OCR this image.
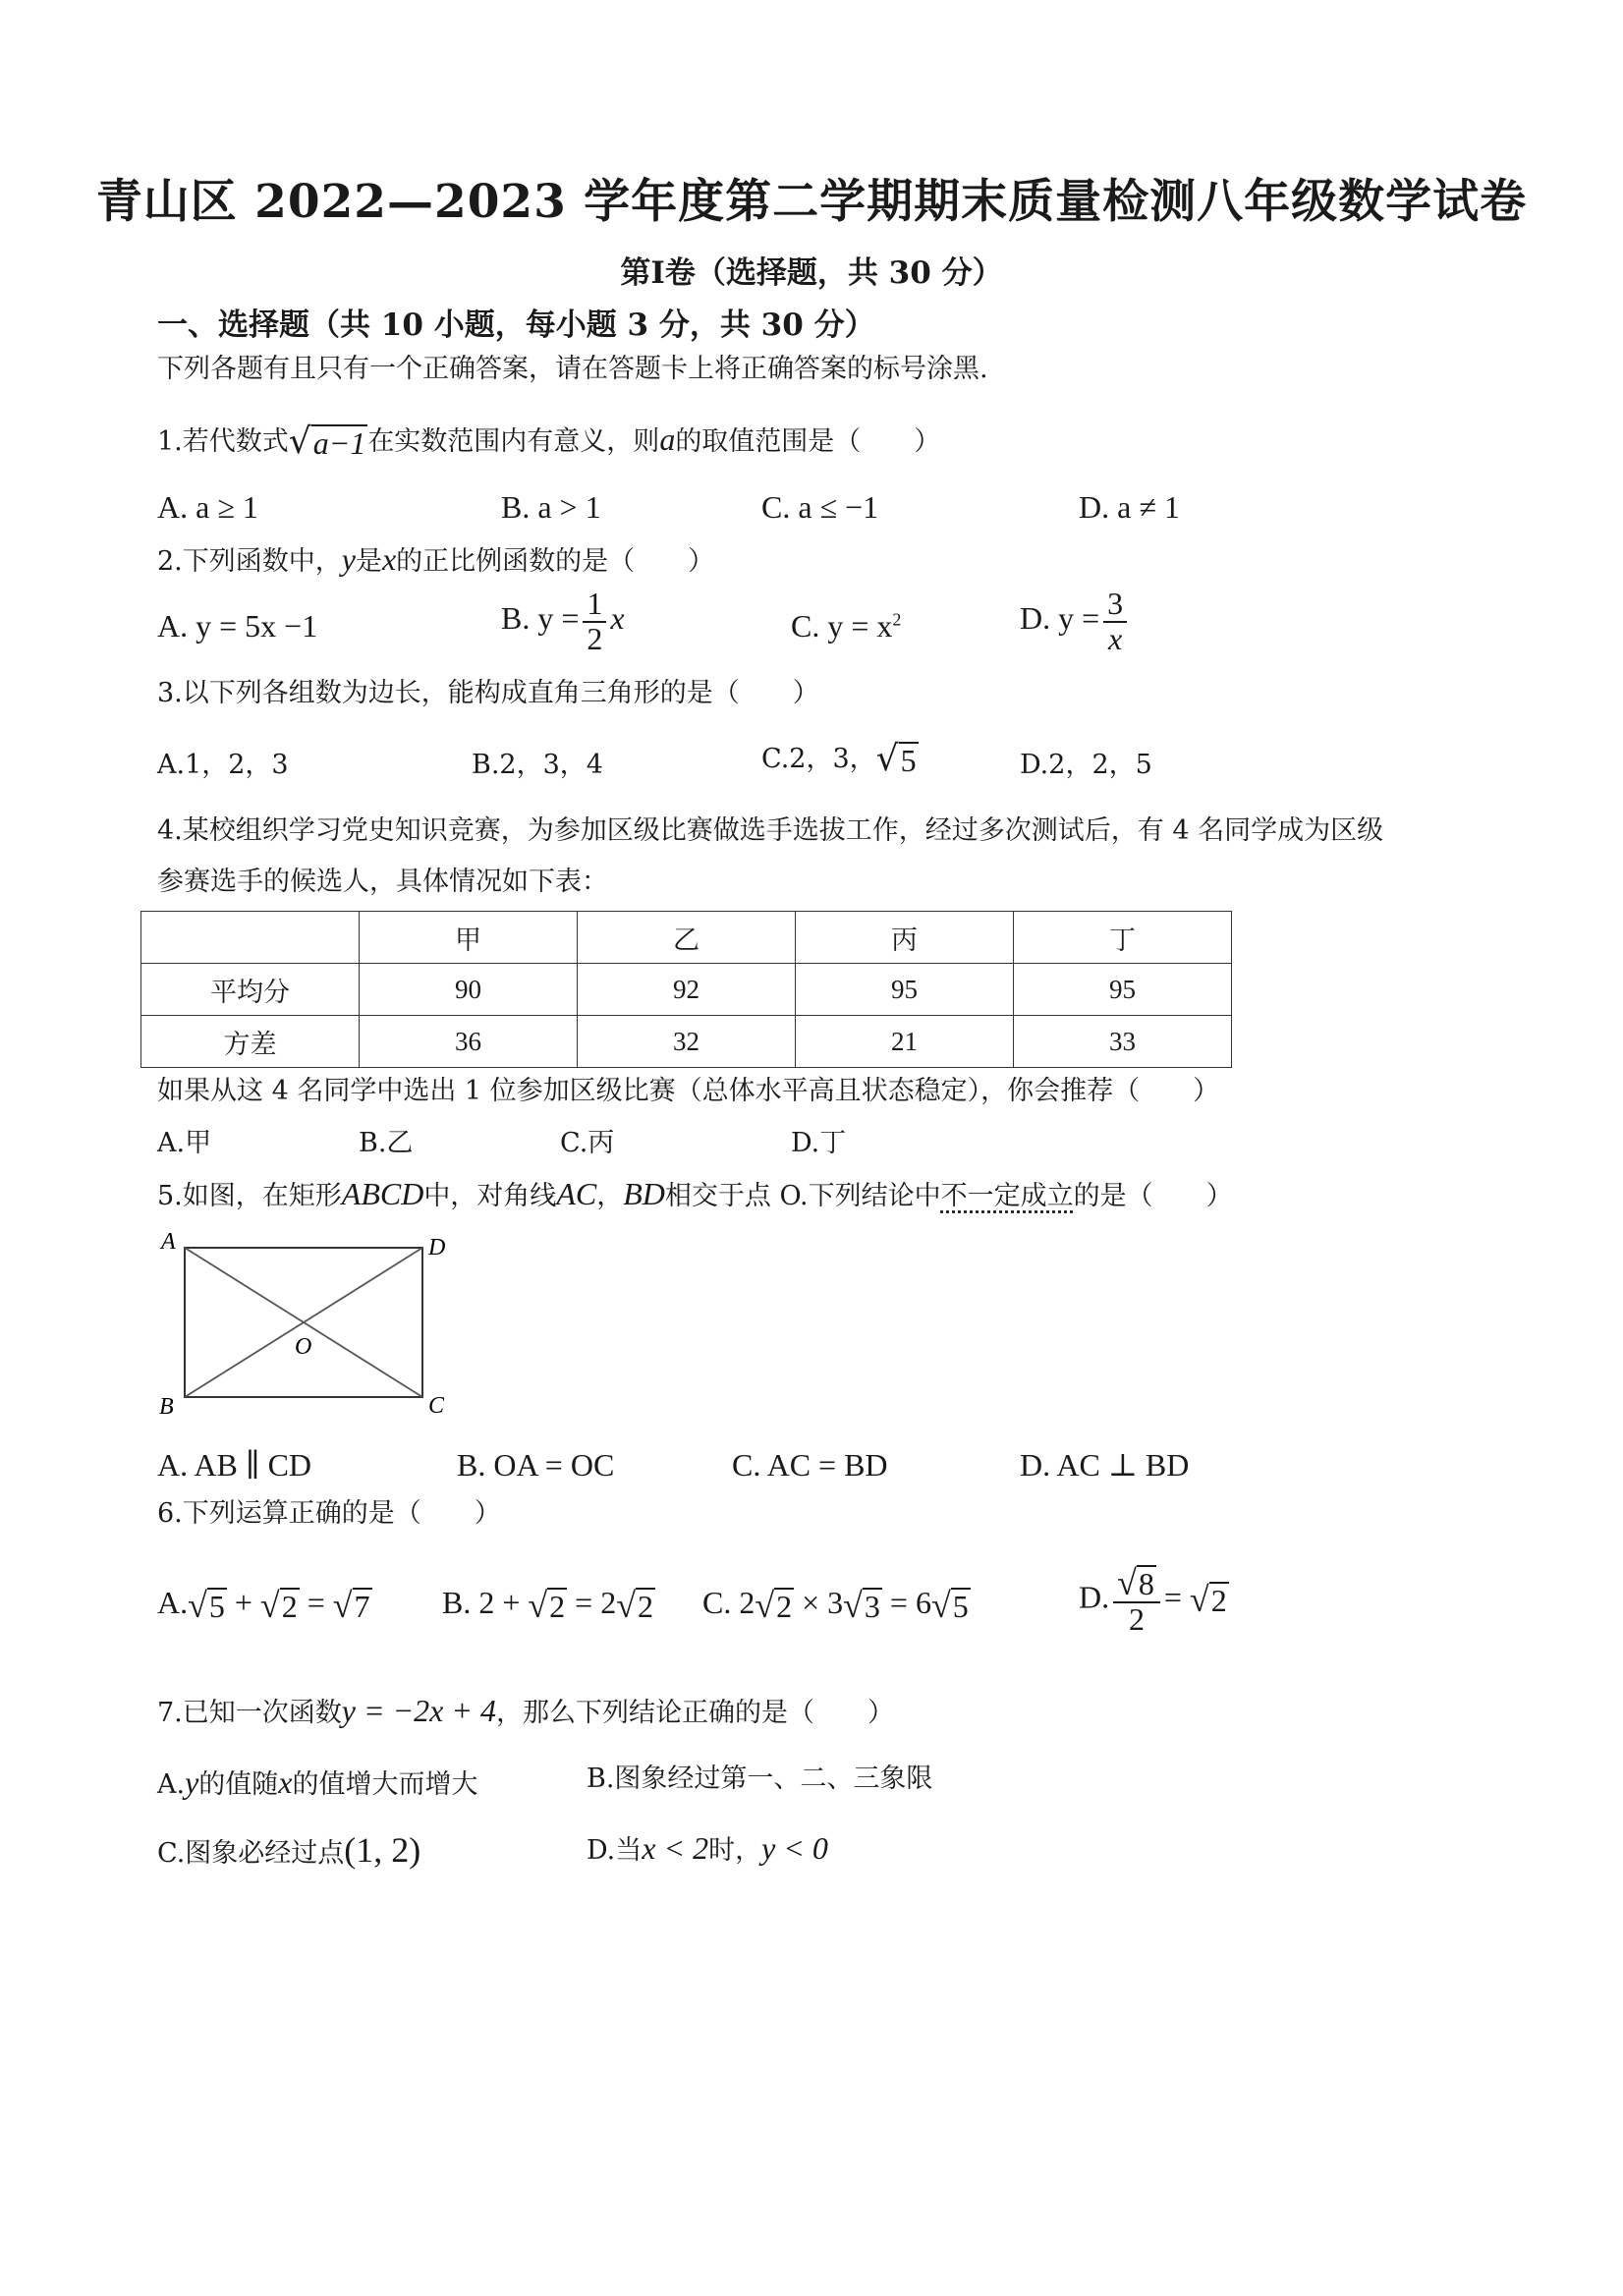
青山区 2022—2023 学年度第二学期期末质量检测八年级数学试卷
第Ⅰ卷（选择题，共 30 分）
一、选择题（共 10 小题，每小题 3 分，共 30 分）
下列各题有且只有一个正确答案，请在答题卡上将正确答案的标号涂黑.
1.若代数式 √ a−1 在实数范围内有意义，则a的取值范围是（　　）
A. a ≥ 1	B. a > 1	C. a ≤ −1	D. a ≠ 1
2.下列函数中，y是x的正比例函数的是（　　）
A. y = 5x −1	B. $y = \frac{1}{2}$ x	C. $y = x^2$	D. $y = \frac{3}{x}$
3.以下列各组数为边长，能构成直角三角形的是（　　）
A.1，2，3	B.2，3，4	C.2，3， √ 5	D.2，2，5
4.某校组织学习党史知识竞赛，为参加区级比赛做选手选拔工作，经过多次测试后，有 4 名同学成为区级
参赛选手的候选人，具体情况如下表：
	甲	乙	丙	丁
平均分	90	92	95	95
方差	36	32	21	33
如果从这 4 名同学中选出 1 位参加区级比赛（总体水平高且状态稳定），你会推荐（　　）
A.甲	B.乙	C.丙	D.丁
5.如图，在矩形ABCD中，对角线AC，BD相交于点 O.下列结论中不一定成立的是（　　）
A	D
B	C
O
A. AB ∥ CD	B. OA = OC	C. AC = BD	D. AC ⊥ BD
6.下列运算正确的是（　　）
A. √ 5 + √ 2 = √ 7 B. 2 + √ 2 = 2 √ 2 C. 2 √ 2 × 3 √ 3 = 6 √ 5	D. $\frac{√ 8}{2}$ = √ 2
7.已知一次函数y = −2x + 4，那么下列结论正确的是（　　）
A.y的值随x的值增大而增大	B.图象经过第一、二、三象限
C.图象必经过点(1, 2)	D.当x < 2时，y < 0
